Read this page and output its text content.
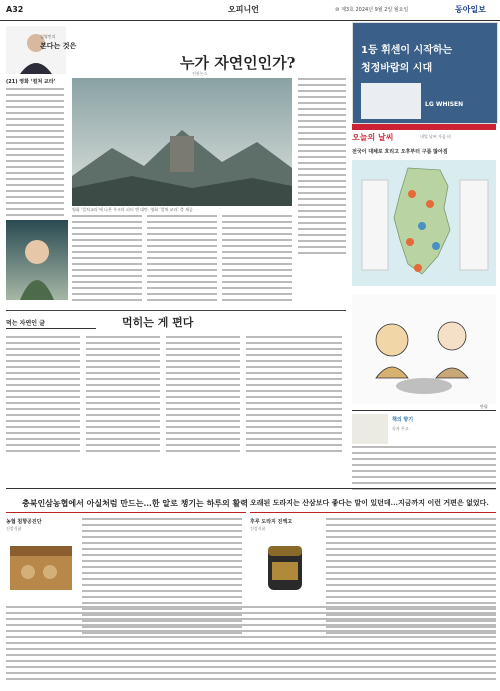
A32	오피니언	⑩ 제3호 2024년 9월 2일 월요일	동아일보
김영민의
본다는 것은
(21) 영화 ‘컬쳐 교라’
누가 자연인인가?
전관논스
영화 ‘컬쳐교라’에 나온 우크라 피터 앤 대만. 영화 ‘컬쳐 교라’ 측 제공
1등 휘센이 시작하는
청정바람의 시대
LG WHISEN
오늘의 날씨	내일 날씨 가끔 비
전국이 대체로 흐리고 오후부터 구름 많아짐
먹는 자연인 글	먹히는 게 편다
만평
책의 향기
독자 투고
충북인삼농협에서 아실처럼 만드는...한 알로 챙기는 하루의 활력 오래된 도라지는 산삼보다 좋다는 말이 있던데...지금까지 이런 거편은 없었다.
농협 침향공진단
건강식품
후루 도라지 진액고
건강식품
